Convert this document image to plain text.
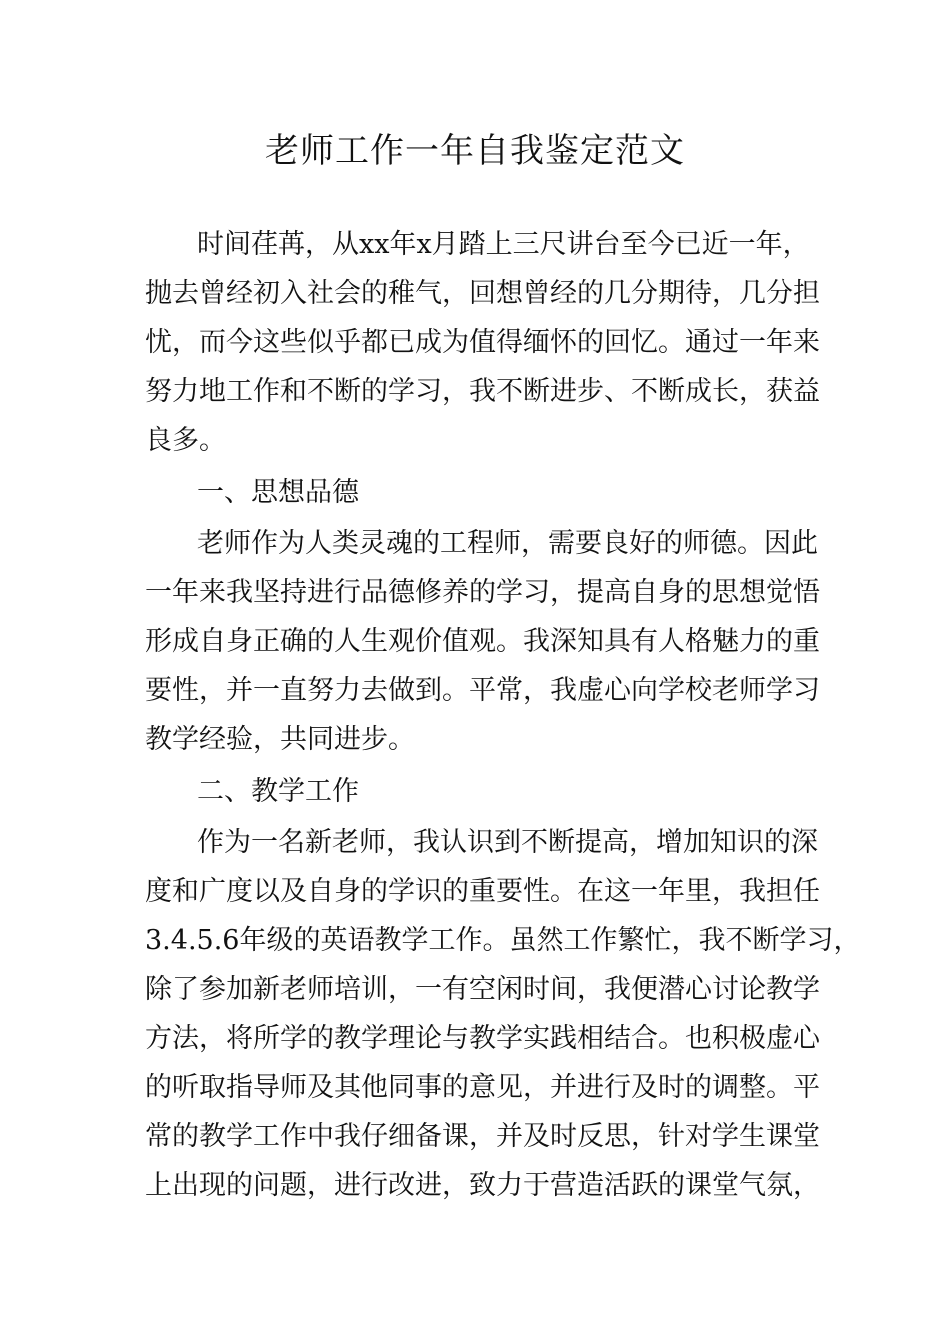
老师工作一年自我鉴定范文

时间荏苒，从xx年x月踏上三尺讲台至今已近一年，

抛去曾经初入社会的稚气，回想曾经的几分期待，几分担

忧，而今这些似乎都已成为值得缅怀的回忆。通过一年来

努力地工作和不断的学习，我不断进步、不断成长，获益

良多。

一、思想品德

老师作为人类灵魂的工程师，需要良好的师德。因此

一年来我坚持进行品德修养的学习，提高自身的思想觉悟

形成自身正确的人生观价值观。我深知具有人格魅力的重

要性，并一直努力去做到。平常，我虚心向学校老师学习

教学经验，共同进步。

二、教学工作

作为一名新老师，我认识到不断提高，增加知识的深

度和广度以及自身的学识的重要性。在这一年里，我担任

3.4.5.6年级的英语教学工作。虽然工作繁忙，我不断学习，

除了参加新老师培训，一有空闲时间，我便潜心讨论教学

方法，将所学的教学理论与教学实践相结合。也积极虚心

的听取指导师及其他同事的意见，并进行及时的调整。平

常的教学工作中我仔细备课，并及时反思，针对学生课堂

上出现的问题，进行改进，致力于营造活跃的课堂气氛，
